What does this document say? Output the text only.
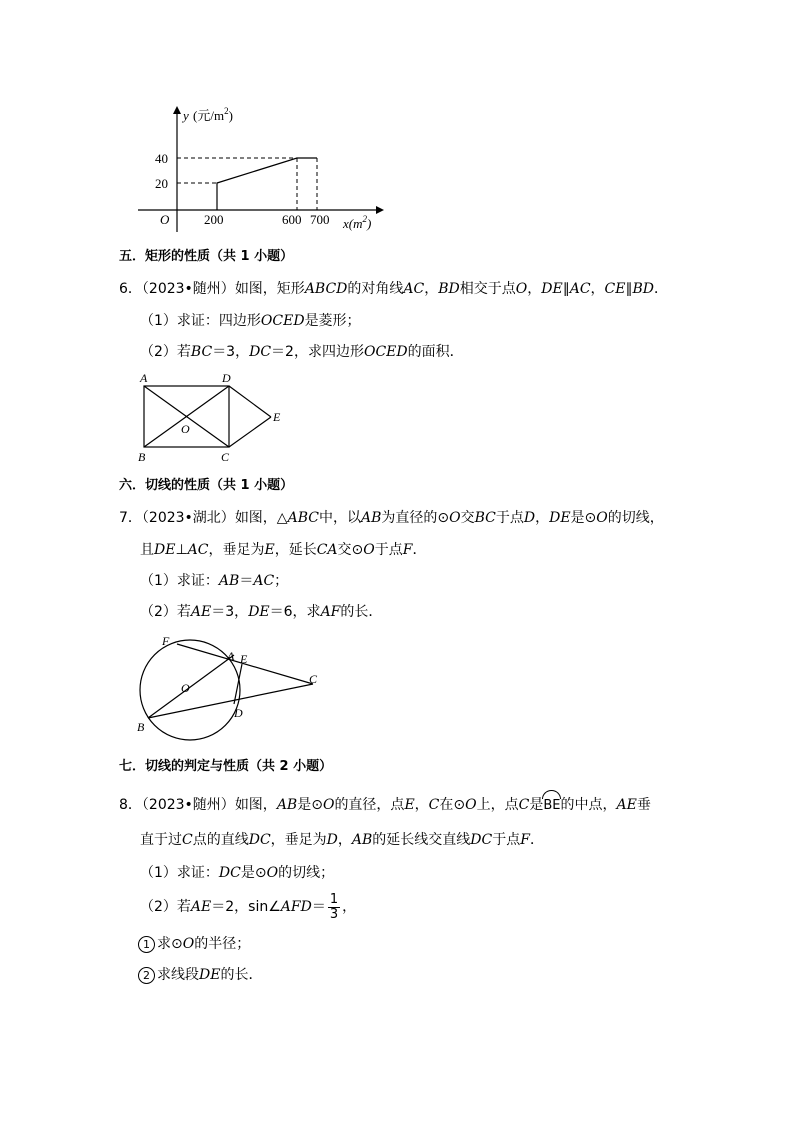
y (元$/m^2$)
40
20
O	200	600 700 $x(m^2)$
五．矩形的性质（共 1 小题）
6．（2023•随州）如图，矩形ABCD的对角线AC，BD相交于点O，DE∥AC，CE∥BD．
（1）求证：四边形OCED是菱形；
（2）若BC＝3，DC＝2，求四边形OCED的面积．
A	D
E
O
B	C
六．切线的性质（共 1 小题）
7．（2023•湖北）如图，△ABC中，以AB为直径的⊙O交BC于点D，DE是⊙O的切线，
且DE⊥AC，垂足为E，延长CA交⊙O于点F．
（1）求证：AB＝AC；
（2）若AE＝3，DE＝6，求AF的长．
F
A E
C
O
B
D
七．切线的判定与性质（共 2 小题）
8．（2023•随州）如图，AB是⊙O的直径，点E，C在⊙O上，点C是BE的中点，AE垂
直于过C点的直线DC，垂足为D，AB的延长线交直线DC于点F．
（1）求证：DC是⊙O的切线；
（2）若AE＝2，sin∠AFD＝ $\frac{1}{3}$ ，
1 求⊙O的半径；
2 求线段DE的长．
